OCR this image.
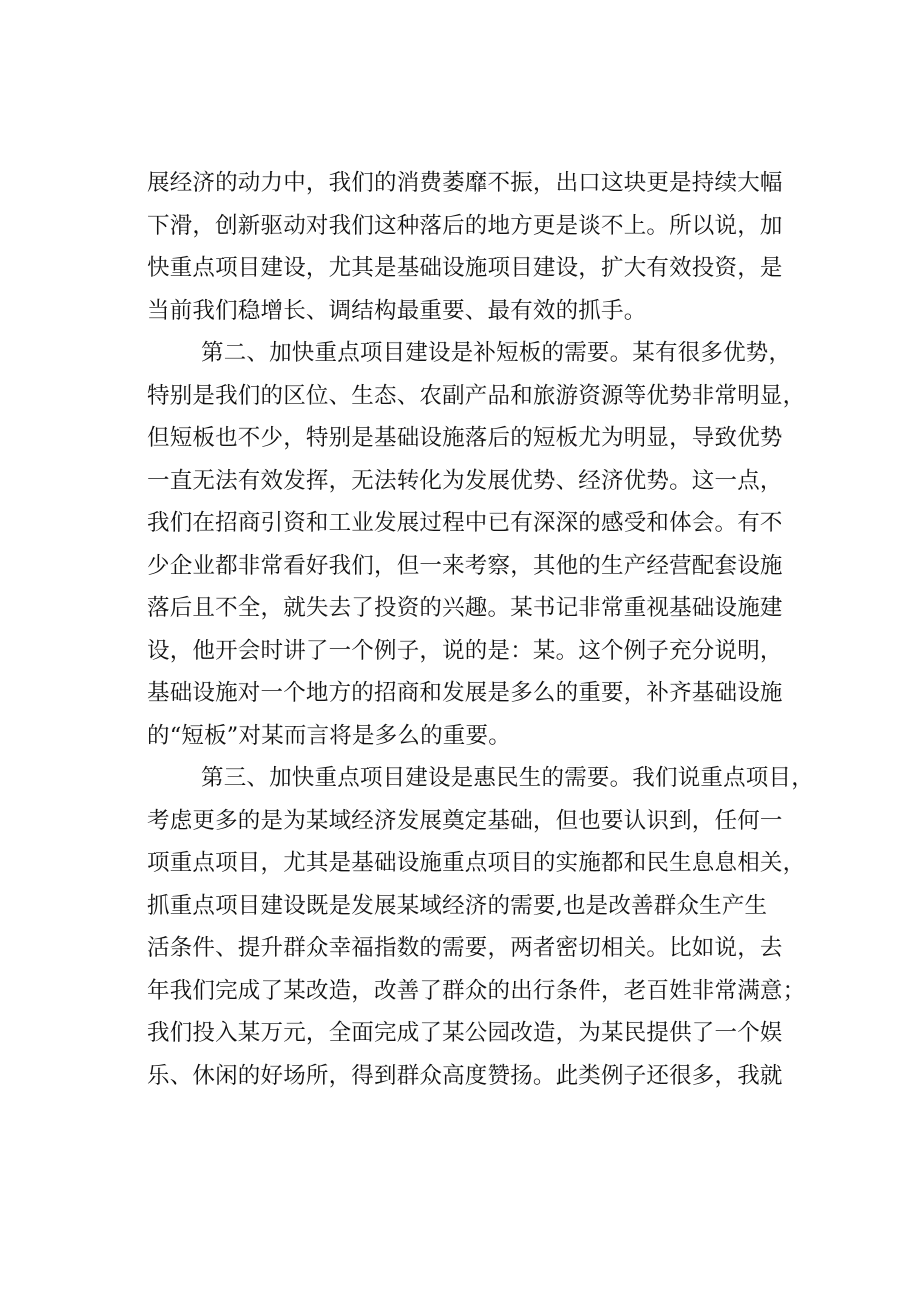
展经济的动力中，我们的消费萎靡不振，出口这块更是持续大幅
下滑，创新驱动对我们这种落后的地方更是谈不上。所以说，加
快重点项目建设，尤其是基础设施项目建设，扩大有效投资，是
当前我们稳增长、调结构最重要、最有效的抓手。
第二、加快重点项目建设是补短板的需要。某有很多优势，
特别是我们的区位、生态、农副产品和旅游资源等优势非常明显，
但短板也不少，特别是基础设施落后的短板尤为明显，导致优势
一直无法有效发挥，无法转化为发展优势、经济优势。这一点，
我们在招商引资和工业发展过程中已有深深的感受和体会。有不
少企业都非常看好我们，但一来考察，其他的生产经营配套设施
落后且不全，就失去了投资的兴趣。某书记非常重视基础设施建
设，他开会时讲了一个例子，说的是：某。这个例子充分说明，
基础设施对一个地方的招商和发展是多么的重要，补齐基础设施
的“短板”对某而言将是多么的重要。
第三、加快重点项目建设是惠民生的需要。我们说重点项目，
考虑更多的是为某域经济发展奠定基础，但也要认识到，任何一
项重点项目，尤其是基础设施重点项目的实施都和民生息息相关，
抓重点项目建设既是发展某域经济的需要,也是改善群众生产生
活条件、提升群众幸福指数的需要，两者密切相关。比如说，去
年我们完成了某改造，改善了群众的出行条件，老百姓非常满意；
我们投入某万元，全面完成了某公园改造，为某民提供了一个娱
乐、休闲的好场所，得到群众高度赞扬。此类例子还很多，我就
